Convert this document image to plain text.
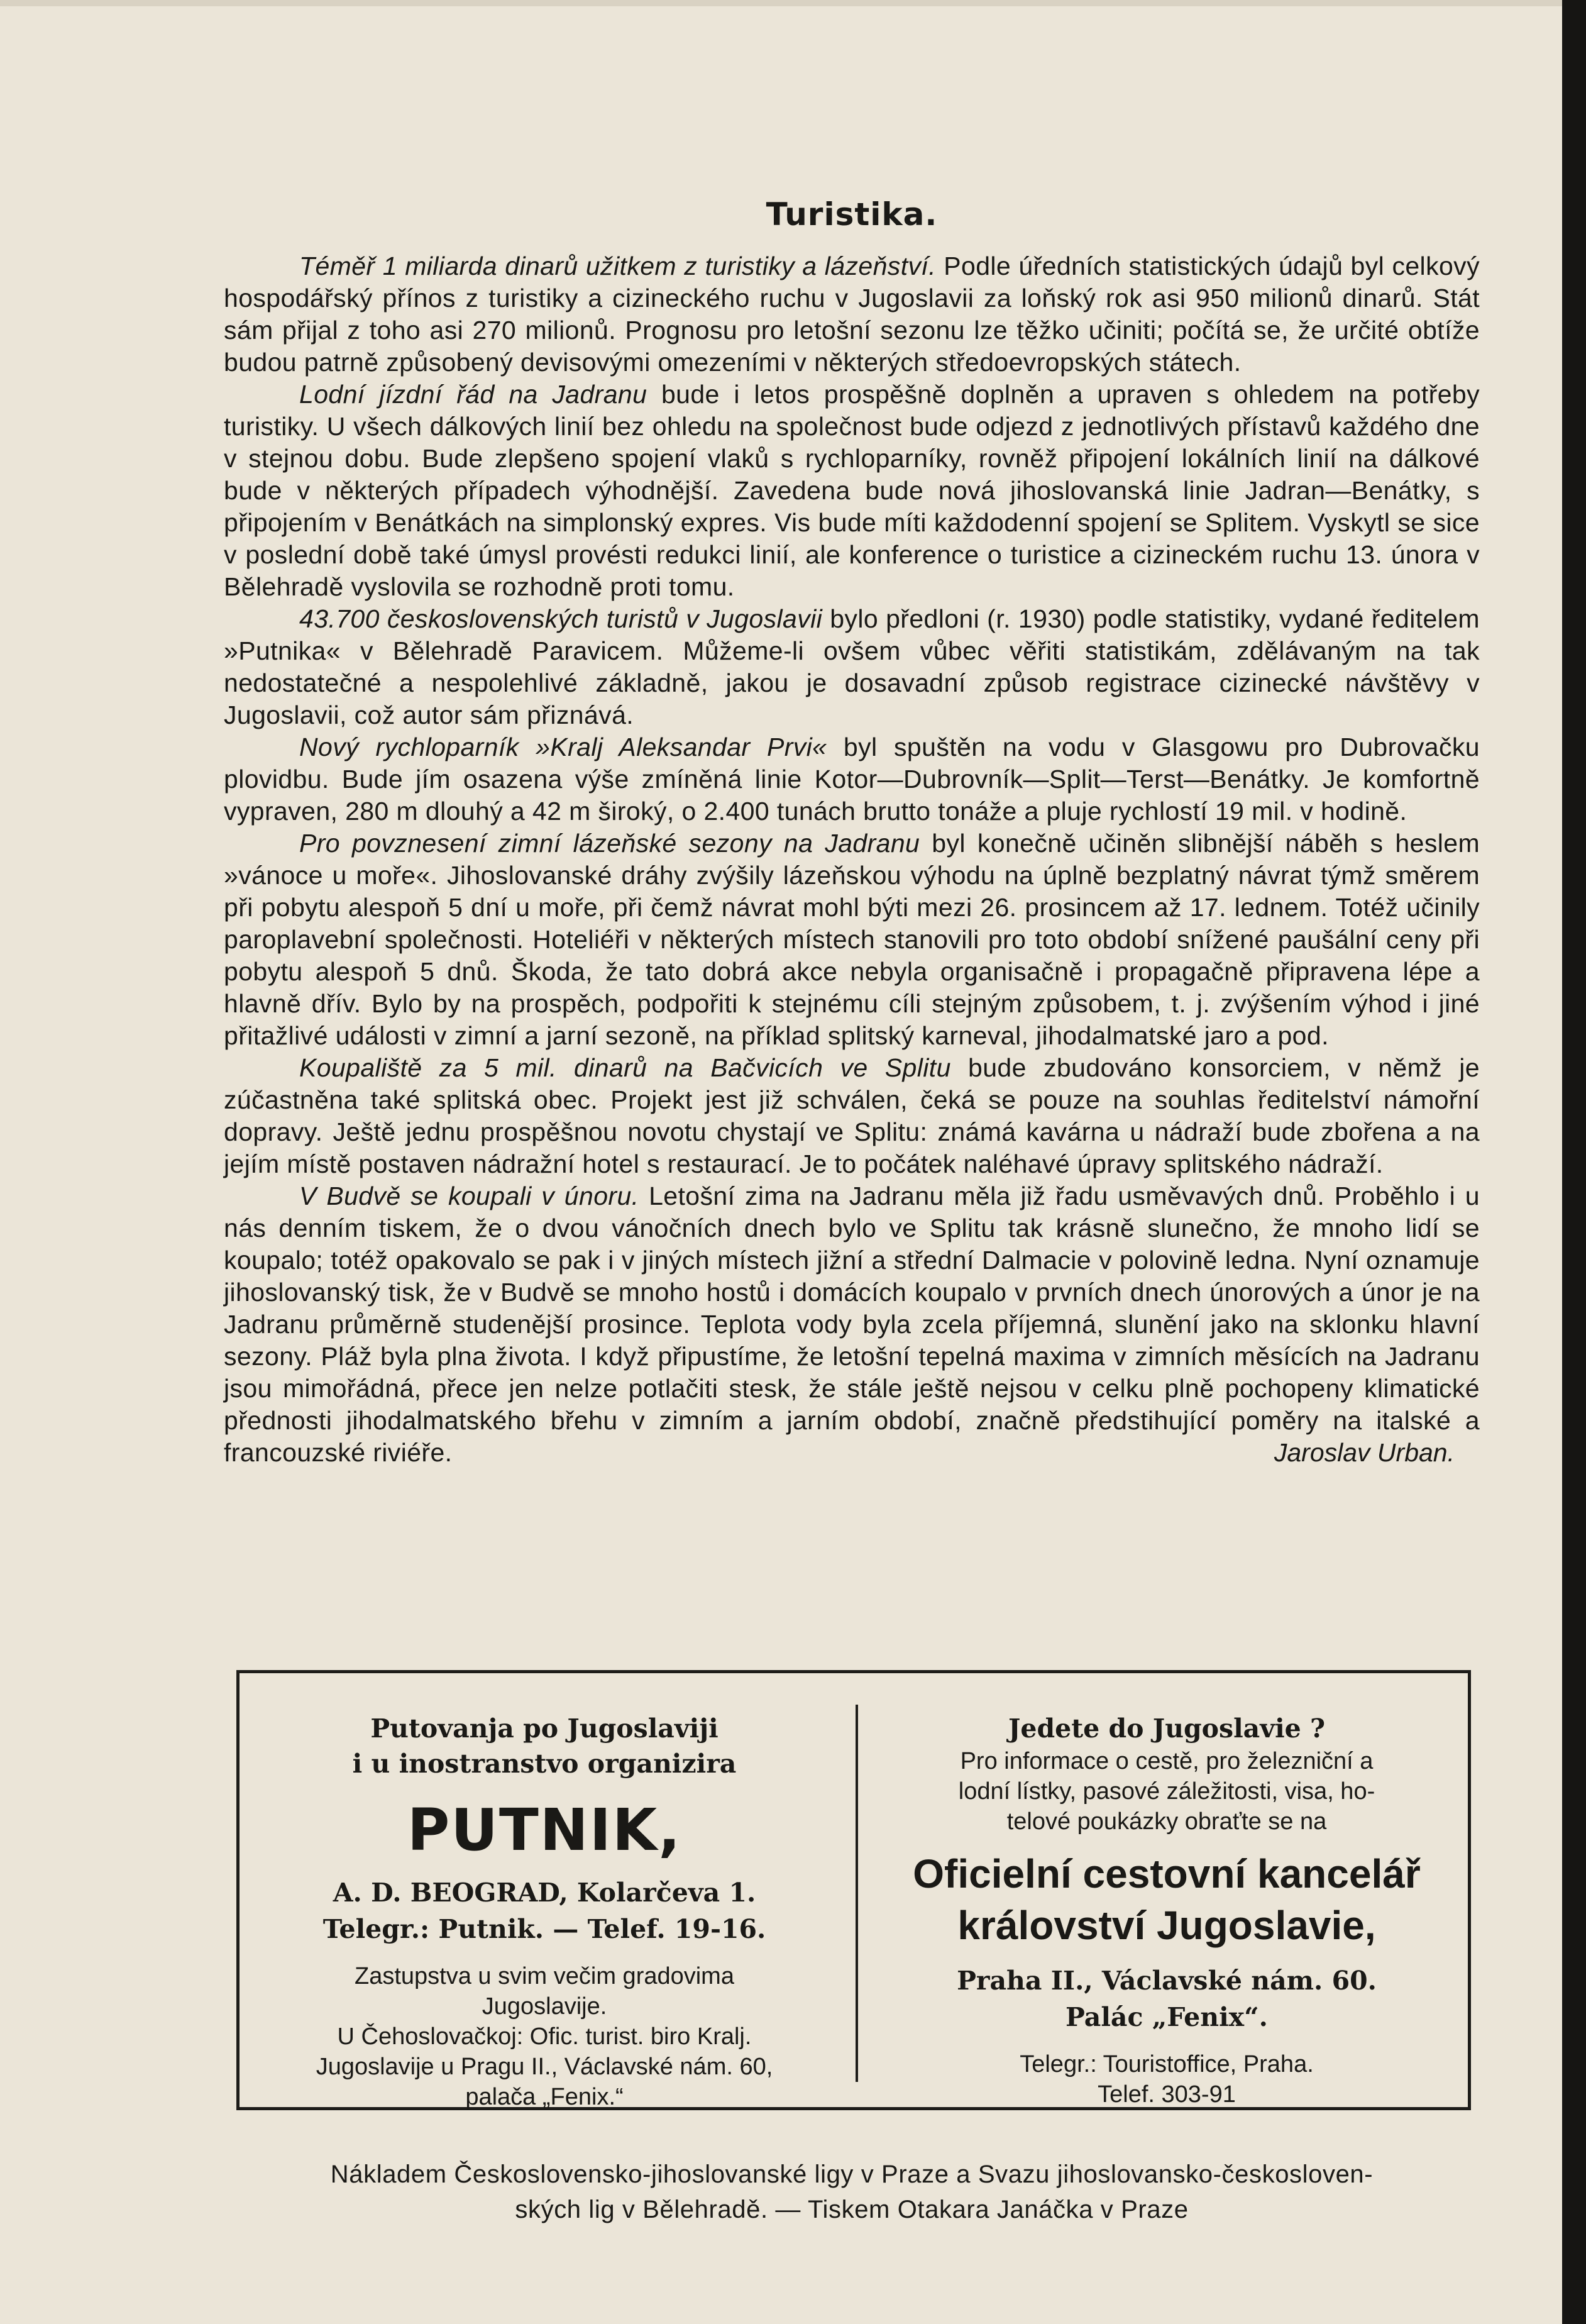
Turistika.

Téměř 1 miliarda dinarů užitkem z turistiky a lázeňství. Podle úředních statistických údajů byl celkový hospodářský přínos z turistiky a cizineckého ruchu v Jugoslavii za loňský rok asi 950 milionů dinarů. Stát sám přijal z toho asi 270 milionů. Prognosu pro letošní sezonu lze těžko učiniti; počítá se, že určité obtíže budou patrně způsobený devisovými omezeními v některých středoevropských státech.

Lodní jízdní řád na Jadranu bude i letos prospěšně doplněn a upraven s ohledem na potřeby turistiky. U všech dálkových linií bez ohledu na společnost bude odjezd z jednotlivých přístavů každého dne v stejnou dobu. Bude zlepšeno spojení vlaků s rychloparníky, rovněž připojení lokálních linií na dálkové bude v některých případech výhodnější. Zavedena bude nová jihoslovanská linie Jadran—Benátky, s připojením v Benátkách na simplonský expres. Vis bude míti každodenní spojení se Splitem. Vyskytl se sice v poslední době také úmysl provésti redukci linií, ale konference o turistice a cizineckém ruchu 13. února v Bělehradě vyslovila se rozhodně proti tomu.

43.700 československých turistů v Jugoslavii bylo předloni (r. 1930) podle statistiky, vydané ředitelem »Putnika« v Bělehradě Paravicem. Můžeme-li ovšem vůbec věřiti statistikám, zdělávaným na tak nedostatečné a nespolehlivé základně, jakou je dosavadní způsob registrace cizinecké návštěvy v Jugoslavii, což autor sám přiznává.

Nový rychloparník »Kralj Aleksandar Prvi« byl spuštěn na vodu v Glasgowu pro Dubrovačku plovidbu. Bude jím osazena výše zmíněná linie Kotor—Dubrovník—Split—Terst—Benátky. Je komfortně vypraven, 280 m dlouhý a 42 m široký, o 2.400 tunách brutto tonáže a pluje rychlostí 19 mil. v hodině.

Pro povznesení zimní lázeňské sezony na Jadranu byl konečně učiněn slibnější náběh s heslem »vánoce u moře«. Jihoslovanské dráhy zvýšily lázeňskou výhodu na úplně bezplatný návrat týmž směrem při pobytu alespoň 5 dní u moře, při čemž návrat mohl býti mezi 26. prosincem až 17. lednem. Totéž učinily paroplavební společnosti. Hoteliéři v některých místech stanovili pro toto období snížené paušální ceny při pobytu alespoň 5 dnů. Škoda, že tato dobrá akce nebyla organisačně i propagačně připravena lépe a hlavně dřív. Bylo by na prospěch, podpořiti k stejnému cíli stejným způsobem, t. j. zvýšením výhod i jiné přitažlivé události v zimní a jarní sezoně, na příklad splitský karneval, jihodalmatské jaro a pod.

Koupaliště za 5 mil. dinarů na Bačvicích ve Splitu bude zbudováno konsorciem, v němž je zúčastněna také splitská obec. Projekt jest již schválen, čeká se pouze na souhlas ředitelství námořní dopravy. Ještě jednu prospěšnou novotu chystají ve Splitu: známá kavárna u nádraží bude zbořena a na jejím místě postaven nádražní hotel s restaurací. Je to počátek naléhavé úpravy splitského nádraží.

V Budvě se koupali v únoru. Letošní zima na Jadranu měla již řadu usměvavých dnů. Proběhlo i u nás denním tiskem, že o dvou vánočních dnech bylo ve Splitu tak krásně slunečno, že mnoho lidí se koupalo; totéž opakovalo se pak i v jiných místech jižní a střední Dalmacie v polovině ledna. Nyní oznamuje jihoslovanský tisk, že v Budvě se mnoho hostů i domácích koupalo v prvních dnech únorových a únor je na Jadranu průměrně studenější prosince. Teplota vody byla zcela příjemná, slunění jako na sklonku hlavní sezony. Pláž byla plna života. I když připustíme, že letošní tepelná maxima v zimních měsících na Jadranu jsou mimořádná, přece jen nelze potlačiti stesk, že stále ještě nejsou v celku plně pochopeny klimatické přednosti jihodalmatského břehu v zimním a jarním období, značně předstihující poměry na italské a francouzské riviéře.	Jaroslav Urban.
Putovanja po Jugoslaviji
i u inostranstvo organizira
PUTNIK,
A. D. BEOGRAD, Kolarčeva 1.
Telegr.: Putnik. — Telef. 19-16.
Zastupstva u svim večim gradovima
Jugoslavije.
U Čehoslovačkoj: Ofic. turist. biro Kralj.
Jugoslavije u Pragu II., Václavské nám. 60,
palača „Fenix.“
Jedete do Jugoslavie ?
Pro informace o cestě, pro železniční a
lodní lístky, pasové záležitosti, visa, ho-
telové poukázky obraťte se na
Oficielní cestovní kancelář
království Jugoslavie,
Praha II., Václavské nám. 60.
Palác „Fenix“.
Telegr.: Touristoffice, Praha.
Telef. 303-91
Nákladem Československo-jihoslovanské ligy v Praze a Svazu jihoslovansko-českosloven-
ských lig v Bělehradě. — Tiskem Otakara Janáčka v Praze
